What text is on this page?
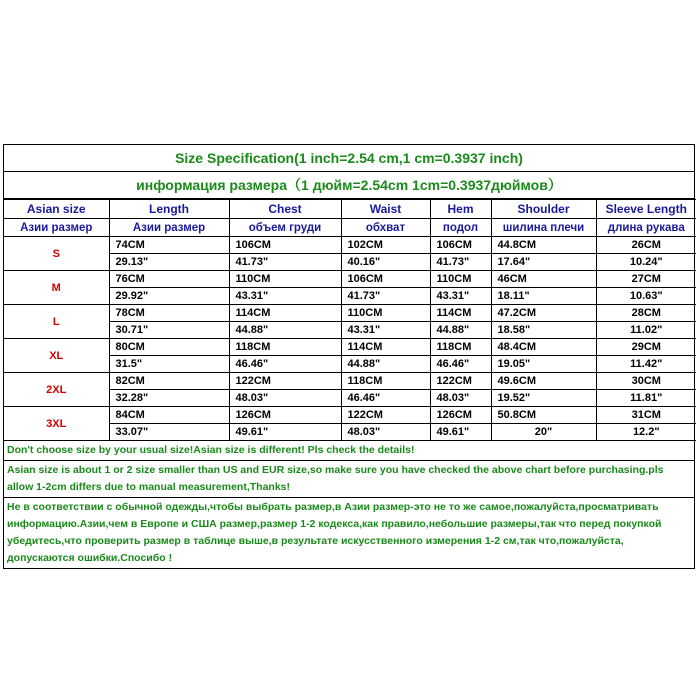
Size Specification(1 inch=2.54 cm,1 cm=0.3937 inch)
информация размера（1 дюйм=2.54cm 1cm=0.3937дюймов）
Asian size	Length	Chest	Waist	Hem	Shoulder	Sleeve Length
Азии размер	Азии размер	объем груди	обхват	подол	шилина плечи	длина рукава
S	74CM	106CM	102CM	106CM	44.8CM	26CM
	29.13"	41.73"	40.16"	41.73"	17.64"	10.24"
M	76CM	110CM	106CM	110CM	46CM	27CM
	29.92"	43.31"	41.73"	43.31"	18.11"	10.63"
L	78CM	114CM	110CM	114CM	47.2CM	28CM
	30.71"	44.88"	43.31"	44.88"	18.58"	11.02"
XL	80CM	118CM	114CM	118CM	48.4CM	29CM
	31.5"	46.46"	44.88"	46.46"	19.05"	11.42"
2XL	82CM	122CM	118CM	122CM	49.6CM	30CM
	32.28"	48.03"	46.46"	48.03"	19.52"	11.81"
3XL	84CM	126CM	122CM	126CM	50.8CM	31CM
	33.07"	49.61"	48.03"	49.61"	20"	12.2"
Don't choose size by your usual size!Asian size is different! Pls check the details!
Asian size is about 1 or 2 size smaller than US and EUR size,so make sure you have checked the above chart before purchasing.pls allow 1-2cm differs due to manual measurement,Thanks!
Не в соответствии с обычной одежды,чтобы выбрать размер,в Азии размер-это не то же самое,пожалуйста,просматривать информацию.Азии,чем в Европе и США размер,размер 1-2 кодекса,как правило,небольшие размеры,так что перед покупкой убедитесь,что проверить размер в таблице выше,в результате искусственного измерения 1-2 см,так что,пожалуйста, допускаются ошибки.Спосибо !
